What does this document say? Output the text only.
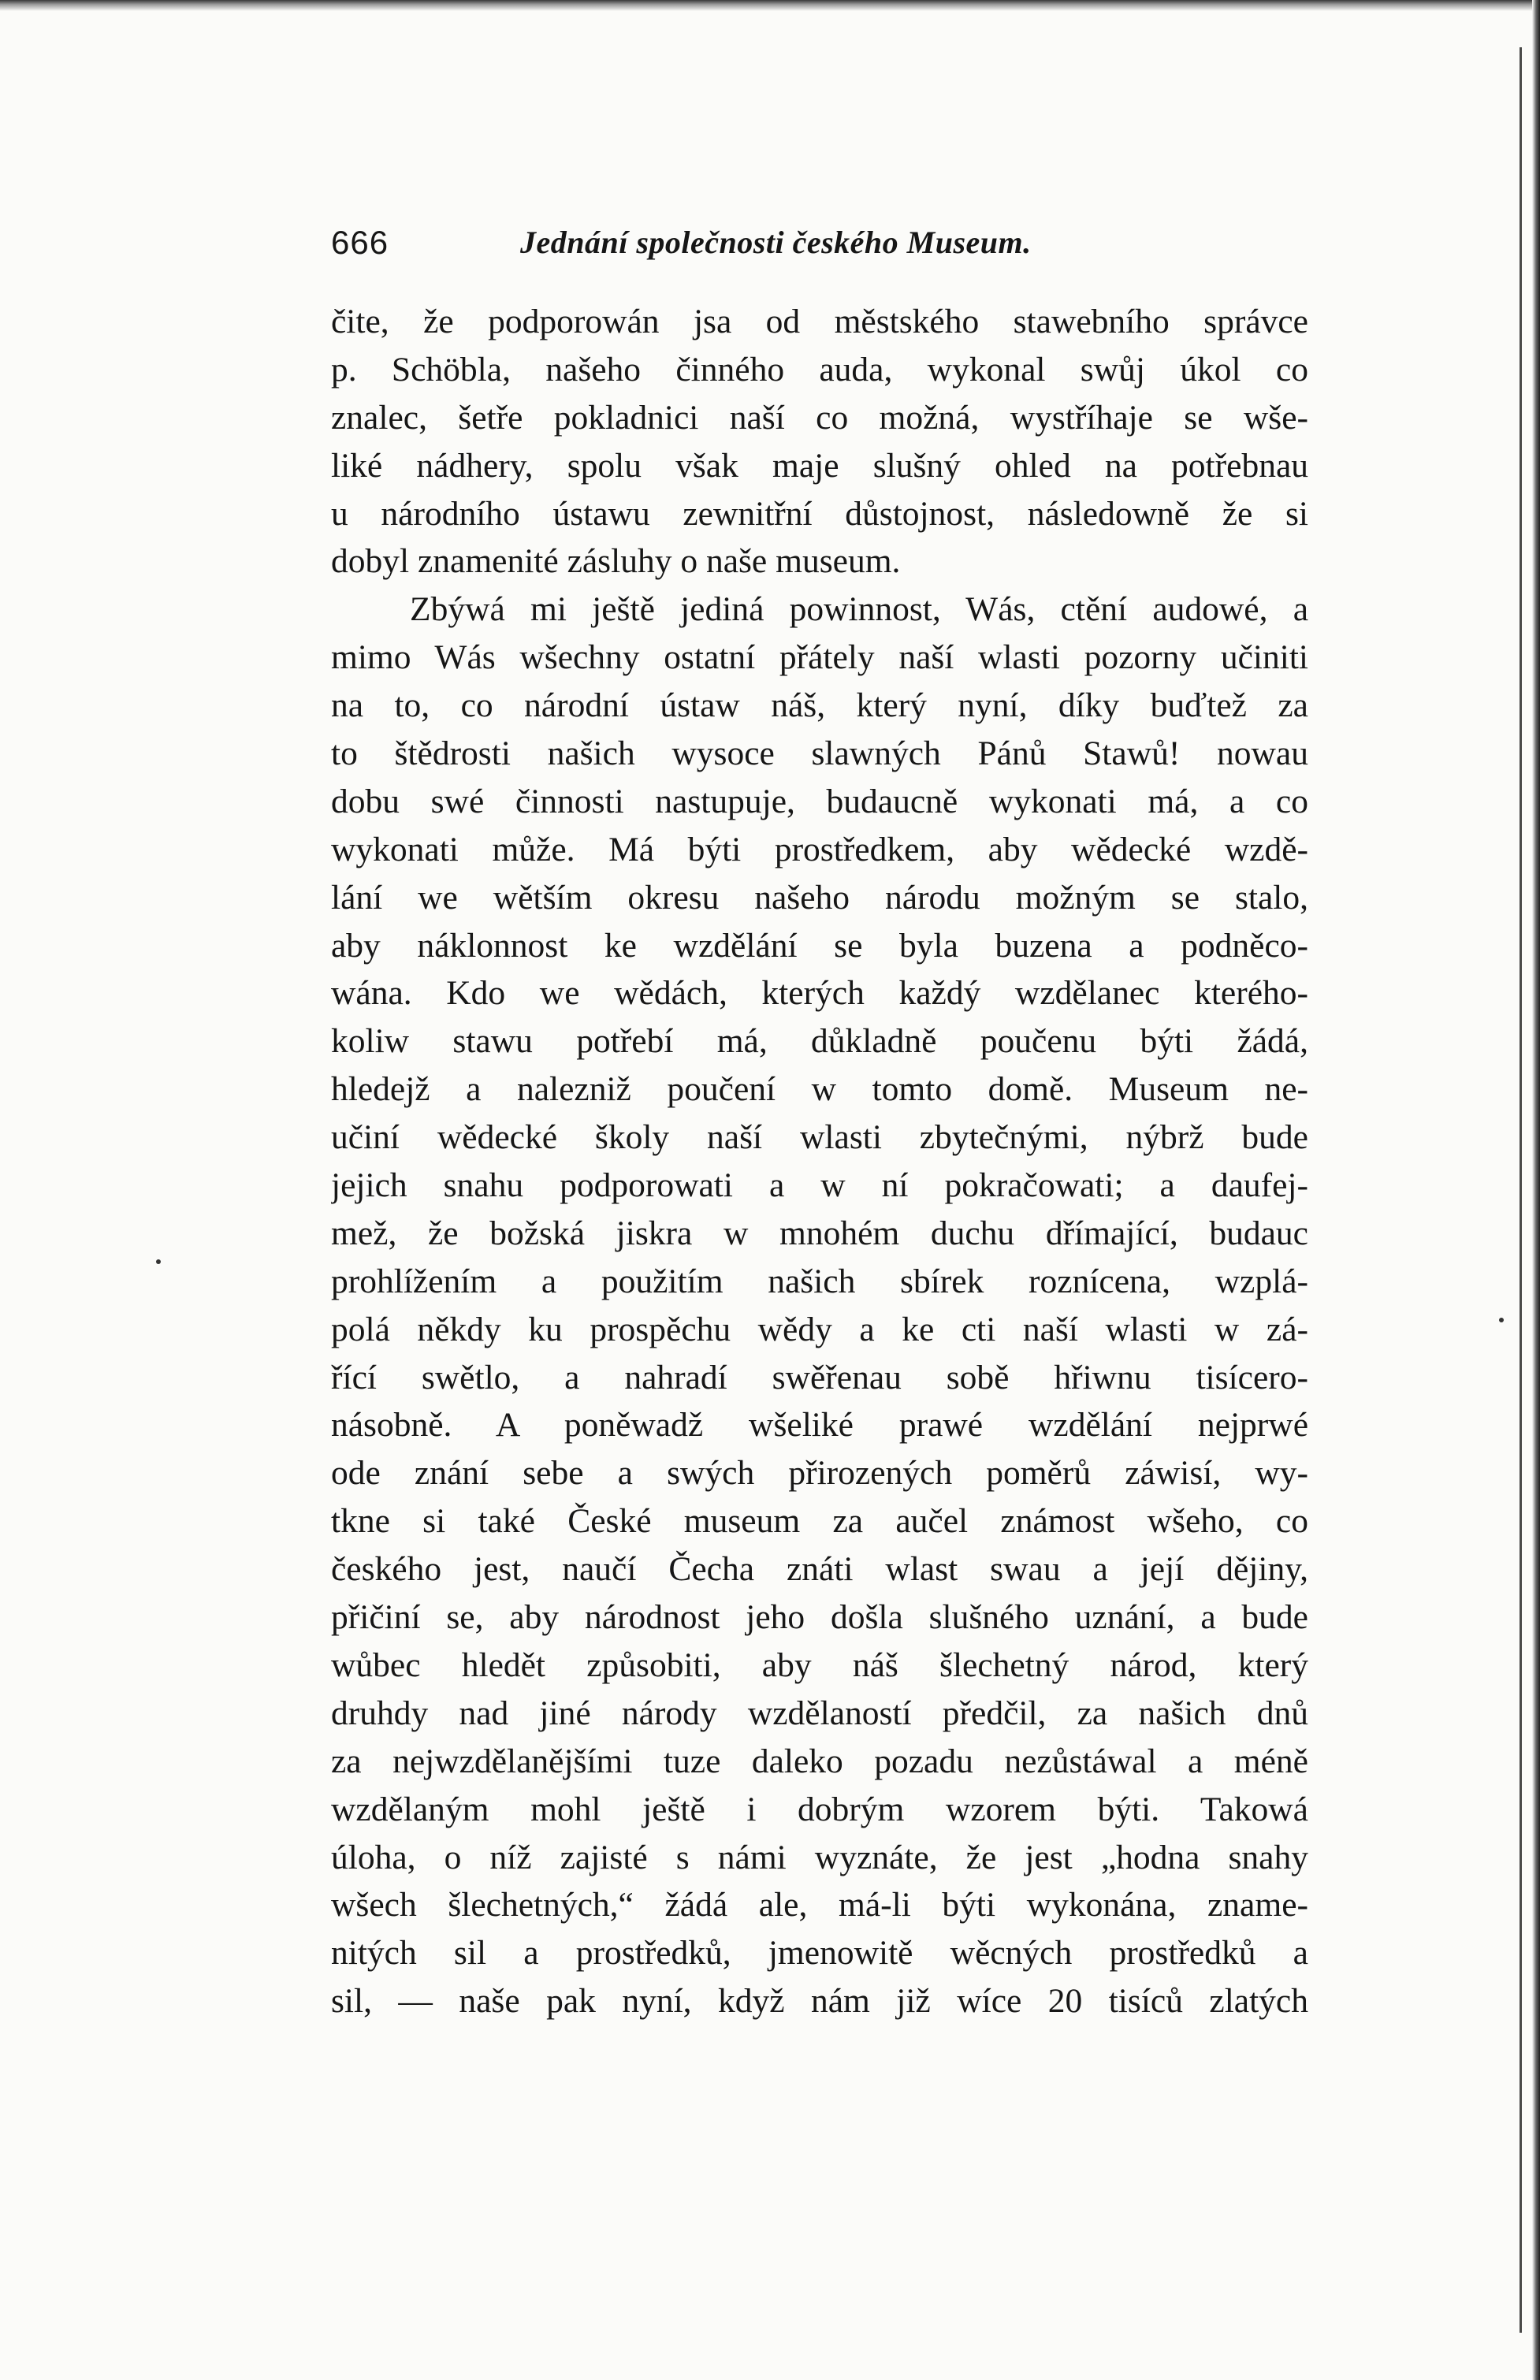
666	Jednání společnosti českého Museum.
čite, že podporowán jsa od městského stawebního správce
p. Schöbla, našeho činného auda, wykonal swůj úkol co
znalec, šetře pokladnici naší co možná, wystříhaje se wše-
liké nádhery, spolu však maje slušný ohled na potřebnau
u národního ústawu zewnitřní důstojnost, následowně že si
dobyl znamenité zásluhy o naše museum.
Zbýwá mi ještě jediná powinnost, Wás, ctění audowé, a
mimo Wás wšechny ostatní přátely naší wlasti pozorny učiniti
na to, co národní ústaw náš, který nyní, díky buďtež za
to štědrosti našich wysoce slawných Pánů Stawů! nowau
dobu swé činnosti nastupuje, budaucně wykonati má, a co
wykonati může. Má býti prostředkem, aby wědecké wzdě-
lání we wětším okresu našeho národu možným se stalo,
aby náklonnost ke wzdělání se byla buzena a podněco-
wána. Kdo we wědách, kterých každý wzdělanec kteréhо-
koliw stawu potřebí má, důkladně poučenu býti žádá,
hledejž a nalezniž poučení w tomto domě. Museum ne-
učiní wědecké školy naší wlasti zbytečnými, nýbrž bude
jejich snahu podporowati a w ní pokračowati; a daufej-
mež, že božská jiskra w mnohém duchu dřímající, budauc
prohlížením a použitím našich sbírek roznícena, wzplá-
polá někdy ku prospěchu wědy a ke cti naší wlasti w zá-
řící swětlo, a nahradí swěřenau sobě hřiwnu tisícero-
násobně. A poněwadž wšeliké prawé wzdělání nejprwé
ode znání sebe a swých přirozených poměrů záwisí, wy-
tkne si také České museum za aučel známost wšeho, co
českého jest, naučí Čecha znáti wlast swau a její dějiny,
přičiní se, aby národnost jeho došla slušného uznání, a bude
wůbec hledět způsobiti, aby náš šlechetný národ, který
druhdy nad jiné národy wzdělaností předčil, za našich dnů
za nejwzdělanějšími tuze daleko pozadu nezůstáwal a méně
wzdělaným mohl ještě i dobrým wzorem býti. Takowá
úloha, o níž zajisté s námi wyznáte, že jest „hodna snahy
wšech šlechetných,“ žádá ale, má-li býti wykonána, zname-
nitých sil a prostředků, jmenowitě wěcných prostředků a
sil, — naše pak nyní, když nám již wíce 20 tisíců zlatých
